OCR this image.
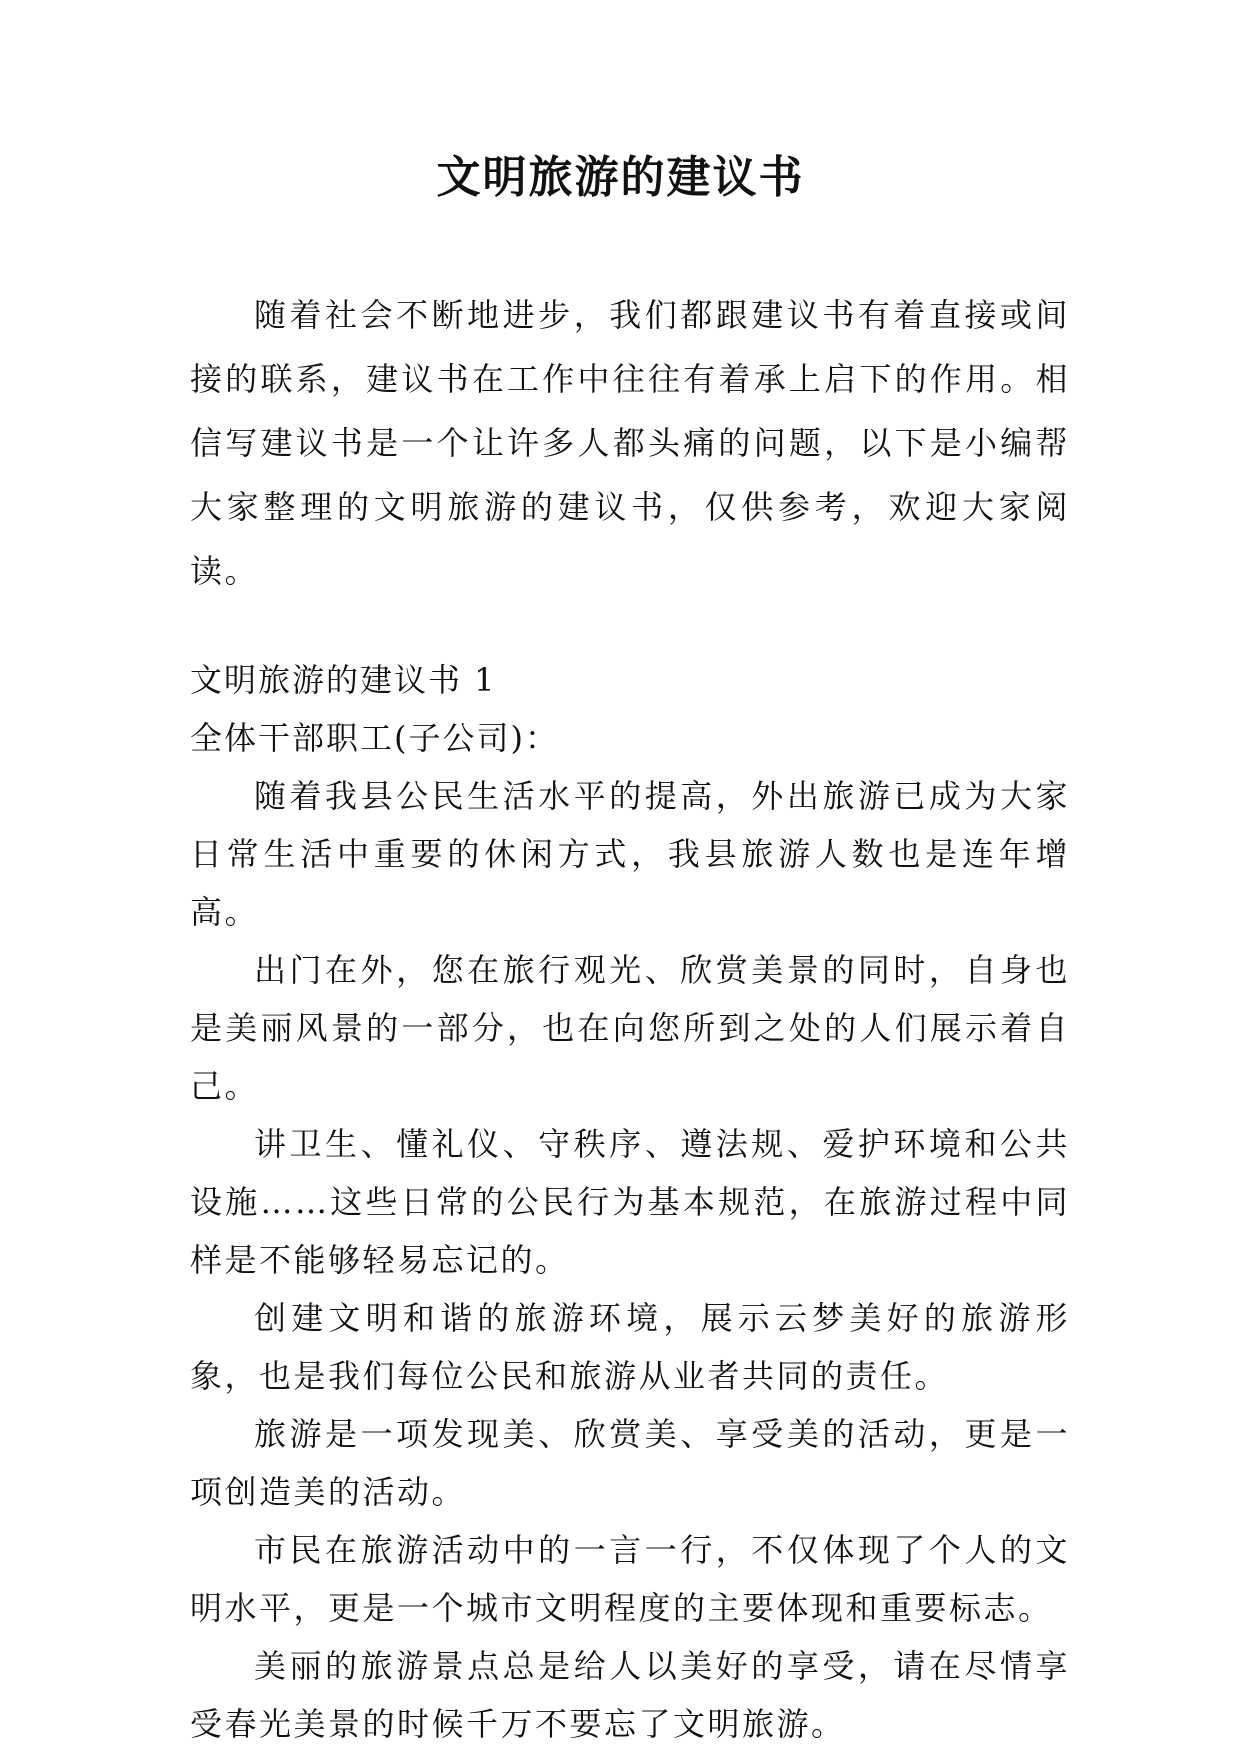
文明旅游的建议书

随着社会不断地进步，我们都跟建议书有着直接或间接的联系，建议书在工作中往往有着承上启下的作用。相信写建议书是一个让许多人都头痛的问题，以下是小编帮大家整理的文明旅游的建议书，仅供参考，欢迎大家阅读。

文明旅游的建议书 1

全体干部职工(子公司)：

随着我县公民生活水平的提高，外出旅游已成为大家日常生活中重要的休闲方式，我县旅游人数也是连年增高。

出门在外，您在旅行观光、欣赏美景的同时，自身也是美丽风景的一部分，也在向您所到之处的人们展示着自己。

讲卫生、懂礼仪、守秩序、遵法规、爱护环境和公共设施……这些日常的公民行为基本规范，在旅游过程中同样是不能够轻易忘记的。

创建文明和谐的旅游环境，展示云梦美好的旅游形象，也是我们每位公民和旅游从业者共同的责任。

旅游是一项发现美、欣赏美、享受美的活动，更是一项创造美的活动。

市民在旅游活动中的一言一行，不仅体现了个人的文明水平，更是一个城市文明程度的主要体现和重要标志。

美丽的旅游景点总是给人以美好的享受，请在尽情享受春光美景的时候千万不要忘了文明旅游。
